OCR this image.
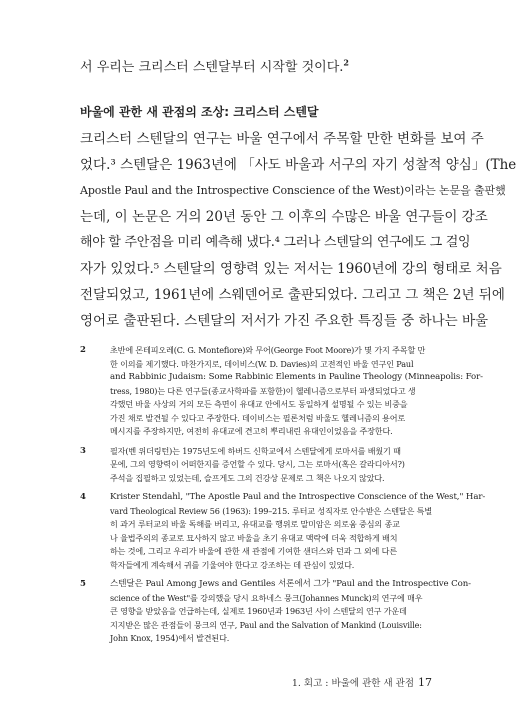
서 우리는 크리스터 스텐달부터 시작할 것이다.$^2$
바울에 관한 새 관점의 조상: 크리스터 스텐달
크리스터 스텐달의 연구는 바울 연구에서 주목할 만한 변화를 보여 주
었다.³ 스텐달은 1963년에 「사도 바울과 서구의 자기 성찰적 양심」(The
Apostle Paul and the Introspective Conscience of the West)이라는 논문을 출판했
는데, 이 논문은 거의 20년 동안 그 이후의 수많은 바울 연구들이 강조
해야 할 주안점을 미리 예측해 냈다.⁴ 그러나 스텐달의 연구에도 그 걸잉
자가 있었다.⁵ 스텐달의 영향력 있는 저서는 1960년에 강의 형태로 처음
전달되었고, 1961년에 스웨덴어로 출판되었다. 그리고 그 책은 2년 뒤에
영어로 출판된다. 스텐달의 저서가 가진 주요한 특징들 중 하나는 바울
2	초반에 몬테피오레(C. G. Montefiore)와 무어(George Foot Moore)가 몇 가지 주목할 만
한 이의를 제기했다. 마찬가지로, 데이비스(W. D. Davies)의 고전적인 바울 연구인 Paul
and Rabbinic Judaism: Some Rabbinic Elements in Pauline Theology (Minneapolis: For-
tress, 1980)는 다른 연구들(종교사학파를 포함한)이 헬레니즘으로부터 파생되었다고 생
각했던 바울 사상의 거의 모든 측면이 유대교 안에서도 동일하게 설명될 수 있는 비중을
가진 채로 발견될 수 있다고 주장한다. 데이비스는 필론처럼 바울도 헬레니즘의 용어로
메시지를 주장하지만, 여전히 유대교에 견고히 뿌리내린 유대인이었음을 주장한다.
3	필자(벤 위더링턴)는 1975년도에 하버드 신학교에서 스텐달에게 로마서를 배웠기 때
문에, 그의 영향력이 어떠한지를 증언할 수 있다. 당시, 그는 로마서(혹은 갈라디아서?)
주석을 집필하고 있었는데, 슬프게도 그의 건강상 문제로 그 책은 나오지 않았다.
4	Krister Stendahl, "The Apostle Paul and the Introspective Conscience of the West," Har-
vard Theological Review 56 (1963): 199–215. 루터교 성직자로 안수받은 스텐달은 특별
히 과거 루터교의 바울 독해를 버리고, 유대교를 행위로 말미암은 의로움 중심의 종교
나 율법주의의 종교로 묘사하지 않고 바울을 초기 유대교 맥락에 더욱 적합하게 배치
하는 것에, 그리고 우리가 바울에 관한 새 관점에 기여한 샌더스와 던과 그 외에 다른
학자들에게 계속해서 귀를 기울여야 한다고 강조하는 데 관심이 있었다.
5	스텐달은 Paul Among Jews and Gentiles 서론에서 그가 "Paul and the Introspective Con-
science of the West"를 강의했을 당시 요하네스 뭉크(Johannes Munck)의 연구에 매우
큰 영향을 받았음을 언급하는데, 실제로 1960년과 1963년 사이 스텐달의 연구 가운데
지지받은 많은 관점들이 뭉크의 연구, Paul and the Salvation of Mankind (Louisville:
John Knox, 1954)에서 발견된다.
1. 회고 : 바울에 관한 새 관점 17
